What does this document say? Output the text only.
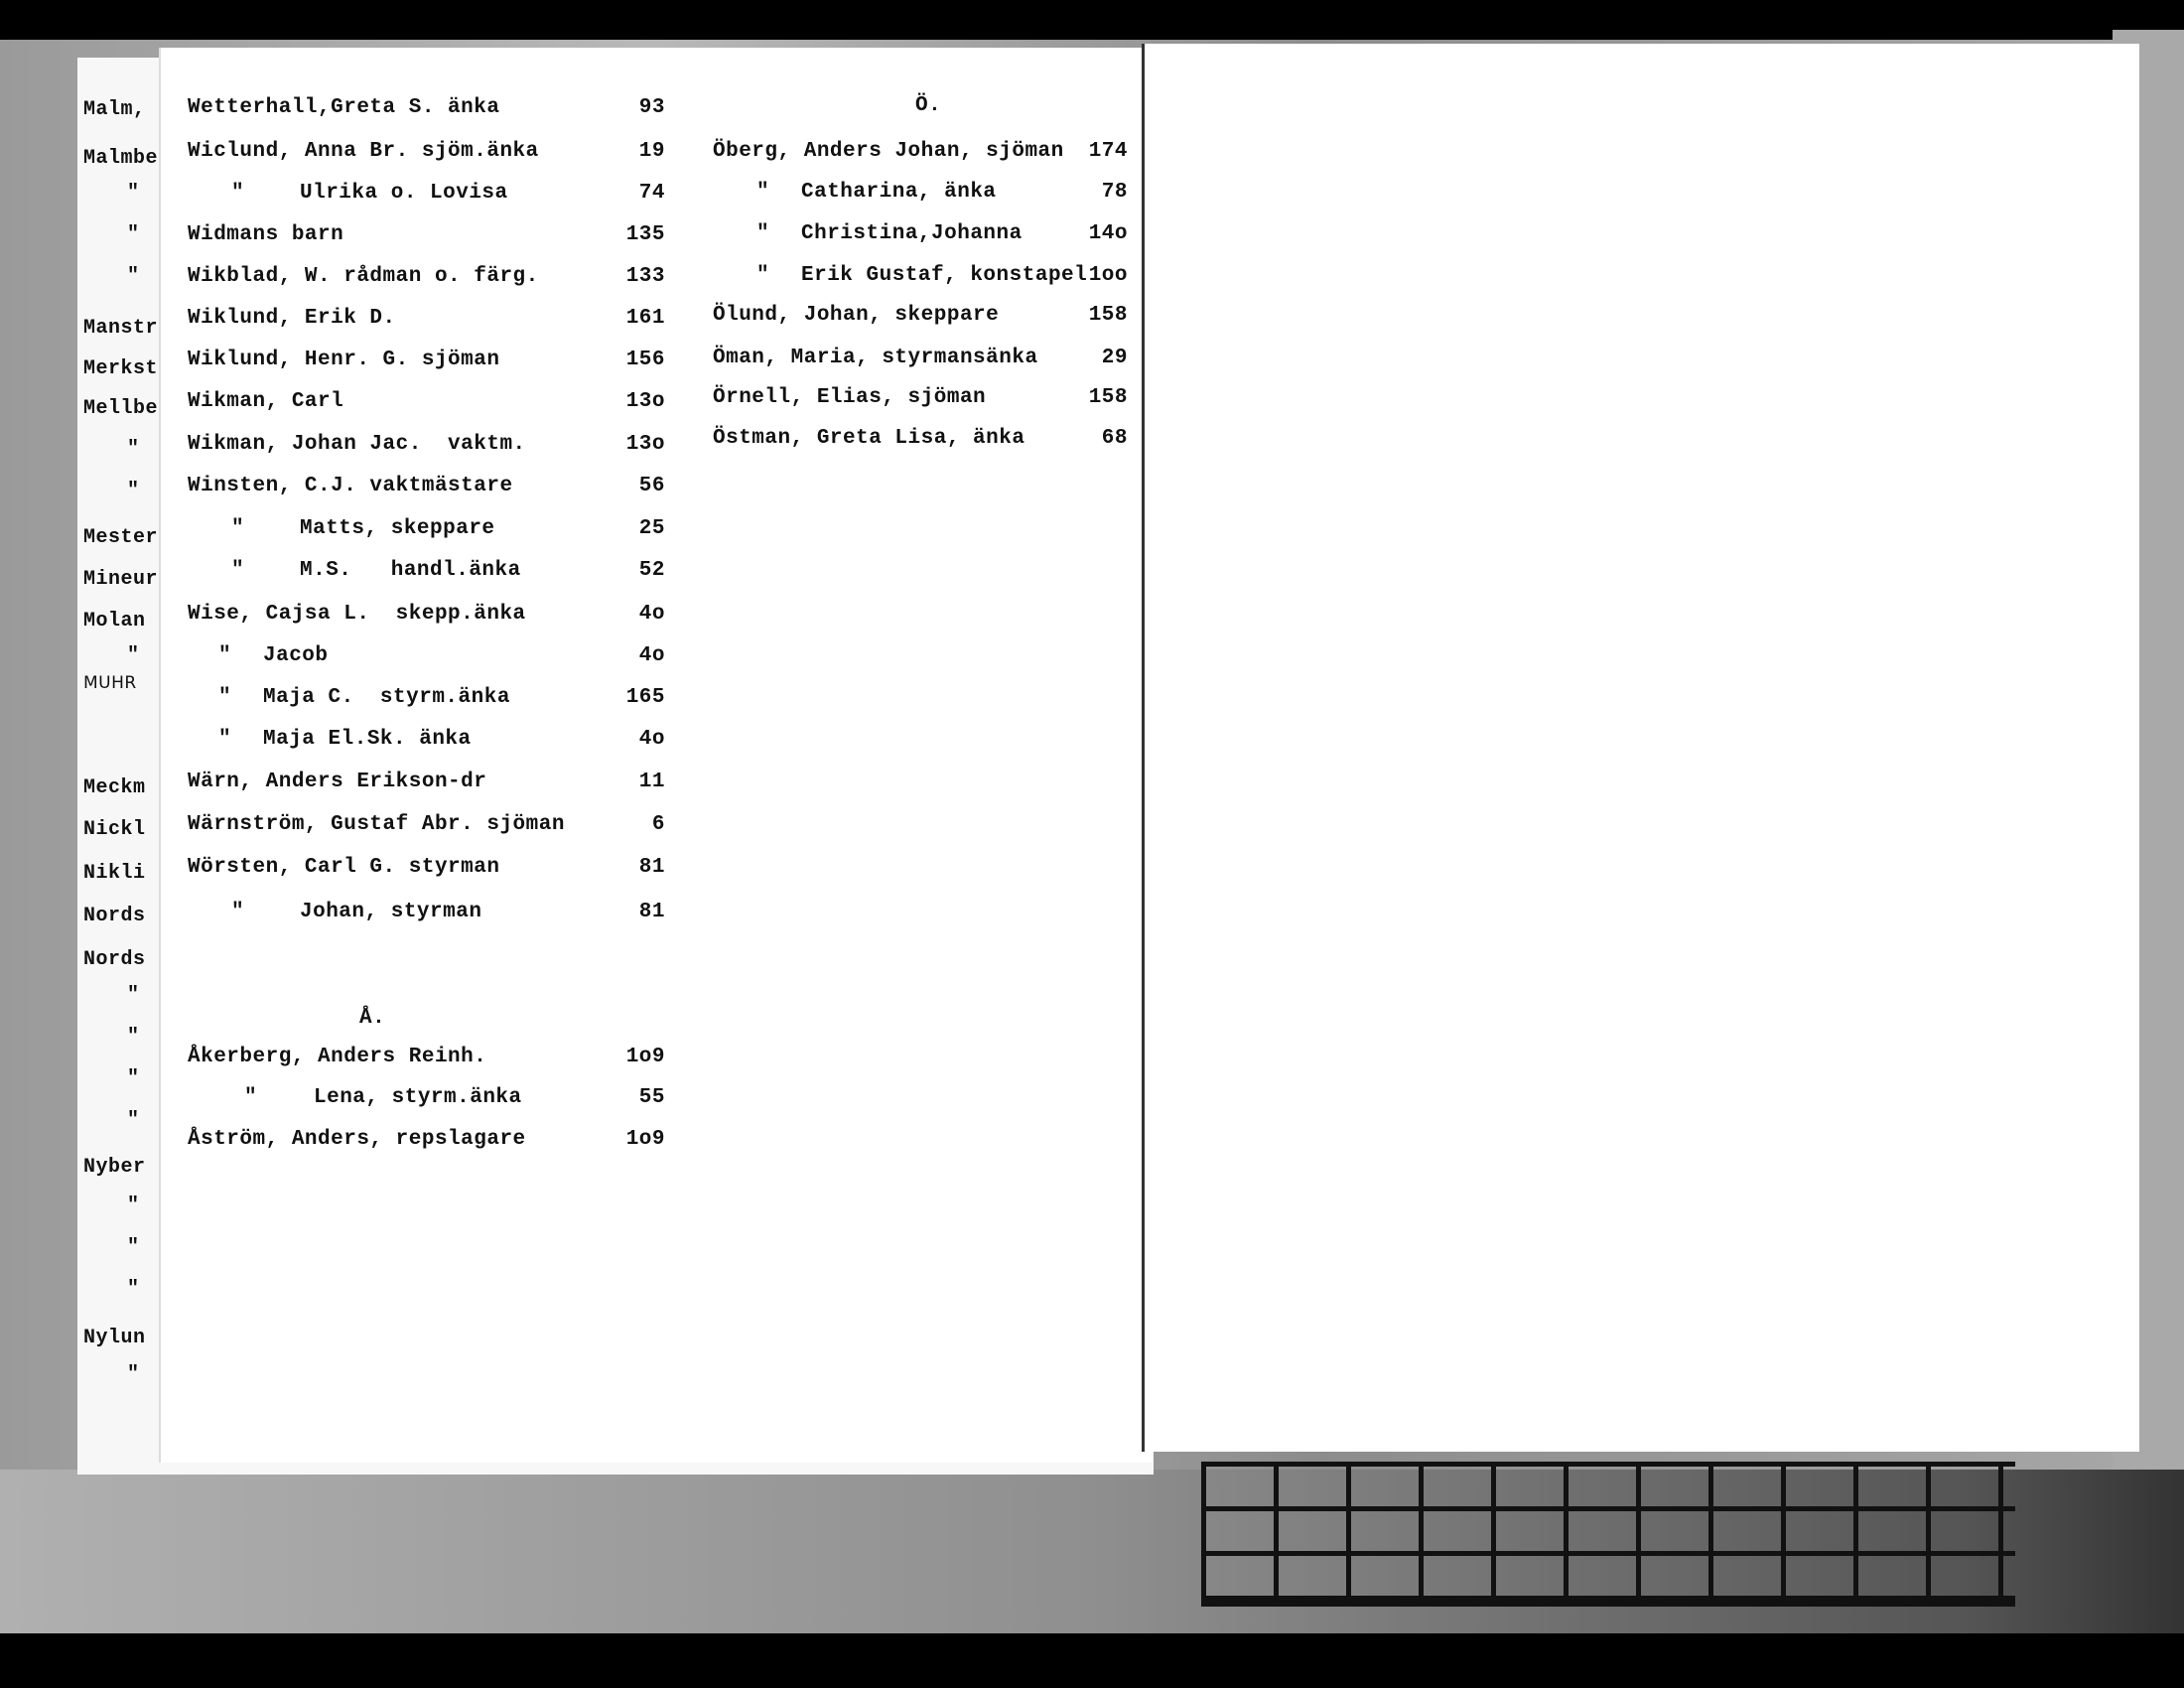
Å.
Ö.
Malm,
Malmbe
"
"
"
Manstr
Merkst
Mellbe
"
"
Mester
Mineur
Molan
"
MUHR
Meckm
Nickl
Nikli
Nords
Nords
"
"
"
"
Nyber
"
"
"
Nylun
"
Wetterhall,Greta S. änka	93
Wiclund, Anna Br. sjöm.änka	19
"	Ulrika o. Lovisa	74
Widmans barn	135
Wikblad, W. rådman o. färg.	133
Wiklund, Erik D.	161
Wiklund, Henr. G. sjöman	156
Wikman, Carl	13o
Wikman, Johan Jac.  vaktm.	13o
Winsten, C.J. vaktmästare	56
"	Matts, skeppare	25
"	M.S.   handl.änka	52
Wise, Cajsa L.  skepp.änka	4o
" Jacob	4o
" Maja C.  styrm.änka	165
" Maja El.Sk. änka	4o
Wärn, Anders Erikson-dr	11
Wärnström, Gustaf Abr. sjöman	6
Wörsten, Carl G. styrman	81
"	Johan, styrman	81
Åkerberg, Anders Reinh.	1o9
"	Lena, styrm.änka	55
Åström, Anders, repslagare	1o9
Öberg, Anders Johan, sjöman	174
" Catharina, änka	78
" Christina,Johanna	14o
" Erik Gustaf, konstapel 1oo
Ölund, Johan, skeppare	158
Öman, Maria, styrmansänka	29
Örnell, Elias, sjöman	158
Östman, Greta Lisa, änka	68
